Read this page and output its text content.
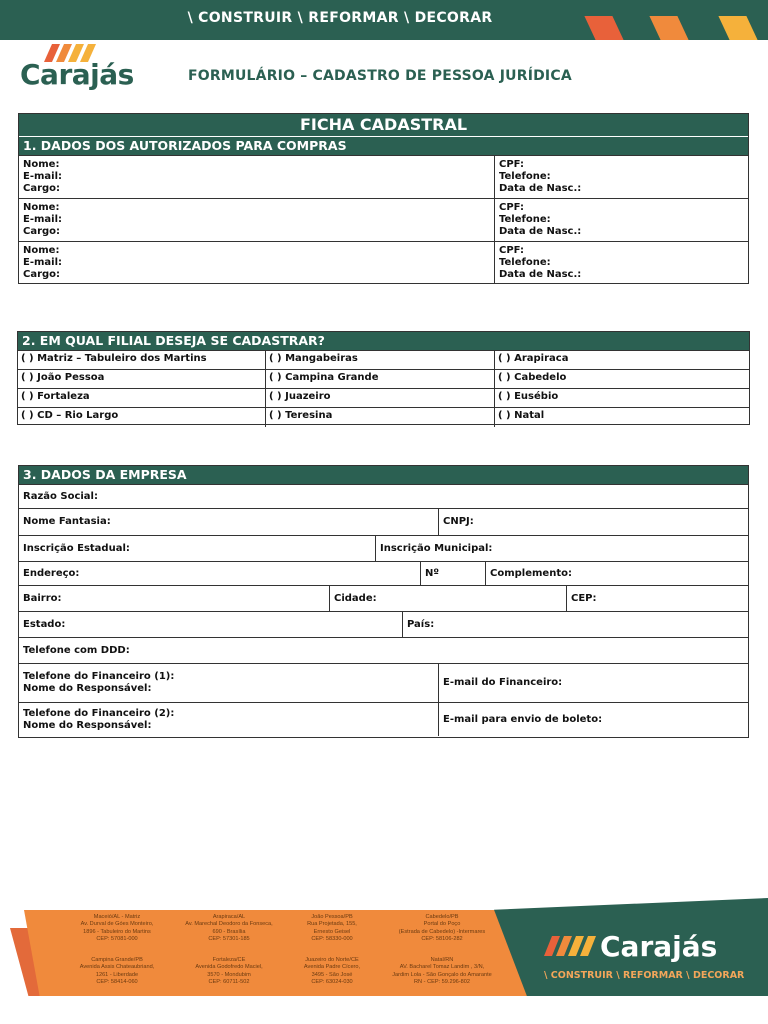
\ CONSTRUIR \ REFORMAR \ DECORAR
Carajás	FORMULÁRIO – CADASTRO DE PESSOA JURÍDICA
FICHA CADASTRAL
1. DADOS DOS AUTORIZADOS PARA COMPRAS
Nome:
E-mail:
Cargo:
CPF:
Telefone:
Data de Nasc.:
Nome:
E-mail:
Cargo:
CPF:
Telefone:
Data de Nasc.:
Nome:
E-mail:
Cargo:
CPF:
Telefone:
Data de Nasc.:
2. EM QUAL FILIAL DESEJA SE CADASTRAR?
( ) Matriz – Tabuleiro dos Martins	( ) Mangabeiras	( ) Arapiraca
( ) João Pessoa	( ) Campina Grande	( ) Cabedelo
( ) Fortaleza	( ) Juazeiro	( ) Eusébio
( ) CD – Rio Largo	( ) Teresina	( ) Natal
3. DADOS DA EMPRESA
Razão Social:
Nome Fantasia:	CNPJ:
Inscrição Estadual:	Inscrição Municipal:
Endereço:	Nº	Complemento:
Bairro:	Cidade:	CEP:
Estado:	País:
Telefone com DDD:
Telefone do Financeiro (1):
Nome do Responsável:
E-mail do Financeiro:
Telefone do Financeiro (2):
Nome do Responsável:
E-mail para envio de boleto:
Maceió/AL - Matriz
Av. Durval de Góes Monteiro,
1896 - Tabuleiro do Martins
CEP: 57081-000
Arapiraca/AL
Av. Marechal Deodoro da Fonseca,
690 - Brasília
CEP: 57301-185
João Pessoa/PB
Rua Projetada, 155,
Ernesto Geisel
CEP: 58330-000
Cabedelo/PB
Portal do Poço
(Estrada de Cabedelo) -Intermares
CEP: 58106-282
Campina Grande/PB
Avenida Assis Chateaubriand,
1261 - Liberdade
CEP: 58414-060
Fortaleza/CE
Avenida Godofredo Maciel,
3570 - Mondubim
CEP: 60711-502
Juazeiro do Norte/CE
Avenida Padre Cícero,
3495 - São José
CEP: 63024-030
Natal/RN
AV. Bacharel Tomaz Landim , 3/N,
Jardim Lola - São Gonçalo do Amarante
RN - CEP: 59.296-802
Carajás
\ CONSTRUIR \ REFORMAR \ DECORAR
